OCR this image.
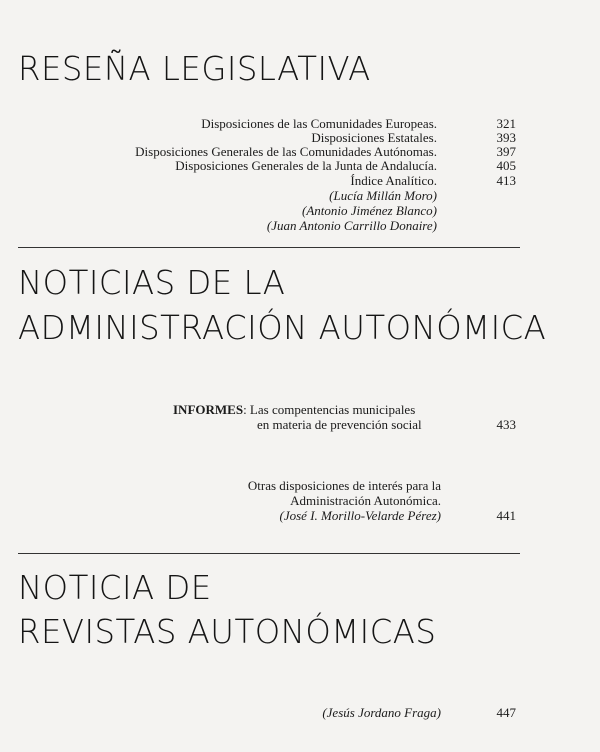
RESEÑA LEGISLATIVA
Disposiciones de las Comunidades Europeas.	321
Disposiciones Estatales.	393
Disposiciones Generales de las Comunidades Autónomas.	397
Disposiciones Generales de la Junta de Andalucía.	405
Índice Analítico.	413
(Lucía Millán Moro)
(Antonio Jiménez Blanco)
(Juan Antonio Carrillo Donaire)
NOTICIAS DE LA
ADMINISTRACIÓN AUTONÓMICA
INFORMES: Las compentencias municipales
en materia de prevención social	433
Otras disposiciones de interés para la
Administración Autonómica.
(José I. Morillo-Velarde Pérez)	441
NOTICIA DE
REVISTAS AUTONÓMICAS
(Jesús Jordano Fraga)	447
